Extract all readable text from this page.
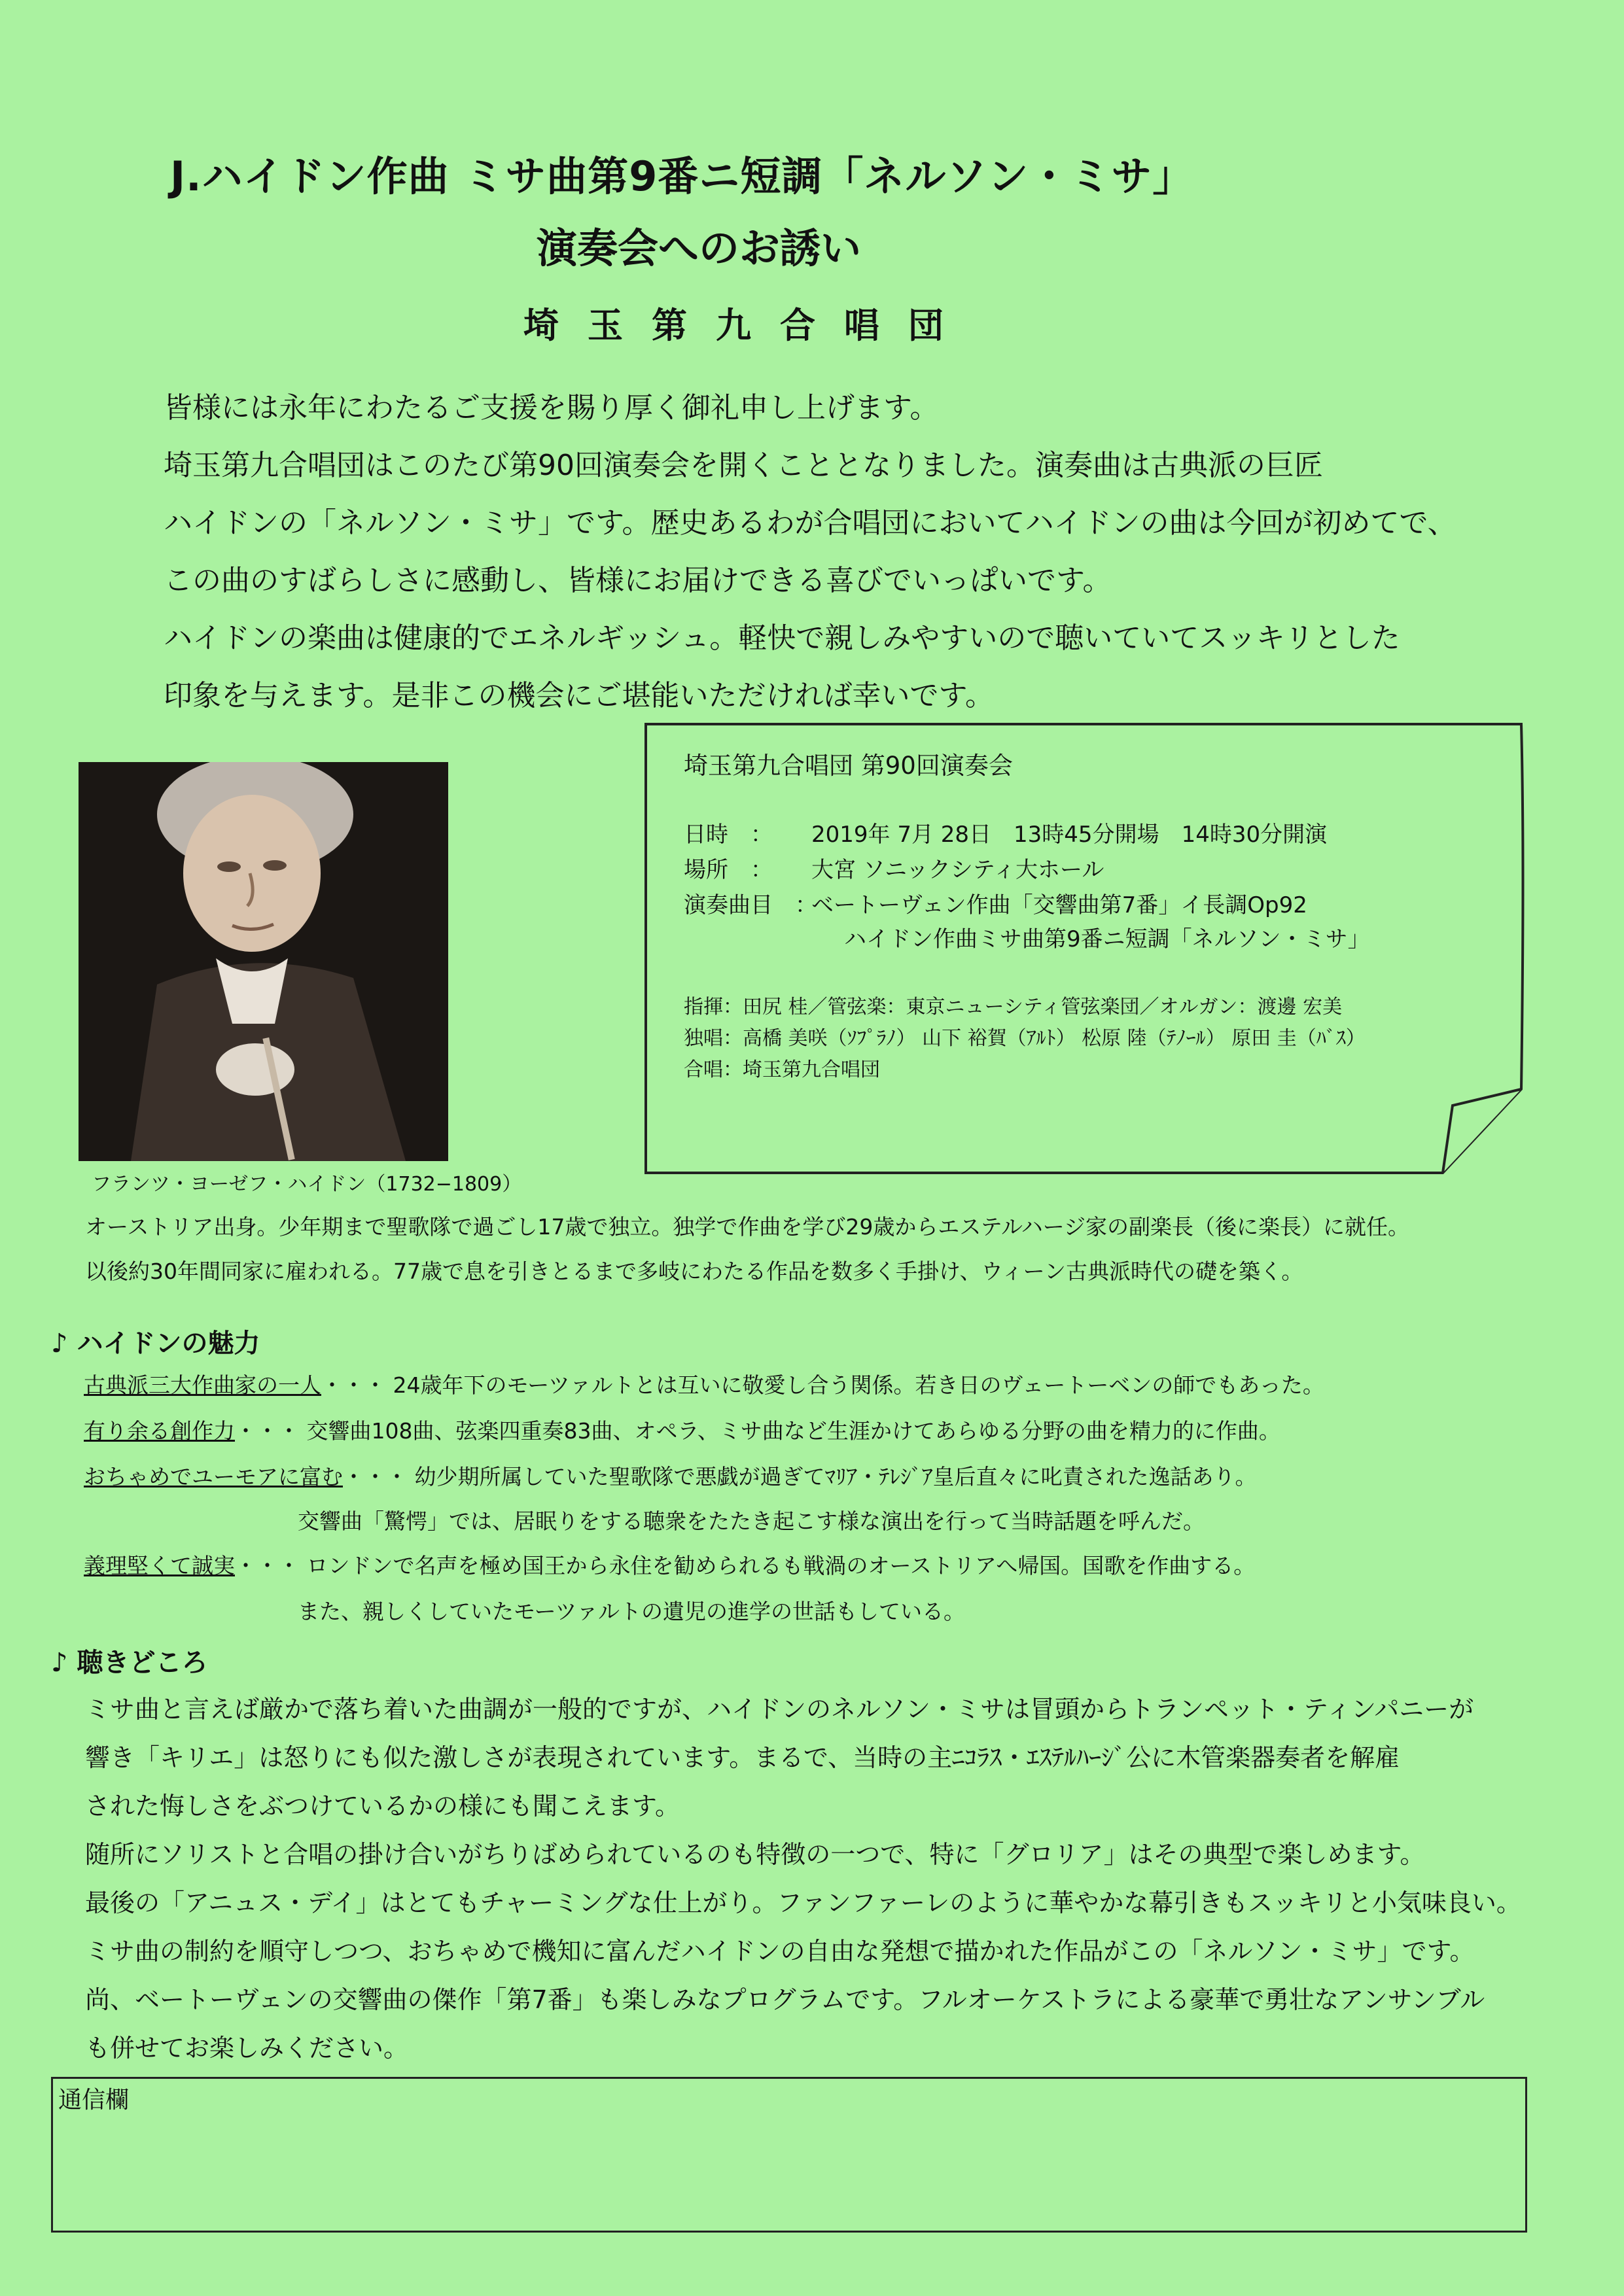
J.ハイドン作曲 ミサ曲第9番ニ短調「ネルソン・ミサ」
演奏会へのお誘い
埼玉第九合唱団
皆様には永年にわたるご支援を賜り厚く御礼申し上げます。
埼玉第九合唱団はこのたび第90回演奏会を開くこととなりました。演奏曲は古典派の巨匠
ハイドンの「ネルソン・ミサ」です。歴史あるわが合唱団においてハイドンの曲は今回が初めてで、
この曲のすばらしさに感動し、皆様にお届けできる喜びでいっぱいです。
ハイドンの楽曲は健康的でエネルギッシュ。軽快で親しみやすいので聴いていてスッキリとした
印象を与えます。是非この機会にご堪能いただければ幸いです。
フランツ・ヨーゼフ・ハイドン（1732−1809）
埼玉第九合唱団 第90回演奏会
日時　： 2019年 7月 28日　13時45分開場　14時30分開演
場所　： 大宮 ソニックシティ大ホール
演奏曲目　：ベートーヴェン作曲「交響曲第7番」イ長調Op92
ハイドン作曲ミサ曲第9番ニ短調「ネルソン・ミサ」
指揮：田尻 桂／管弦楽：東京ニューシティ管弦楽団／オルガン：渡邊 宏美
独唱：高橋 美咲（ｿﾌﾟﾗﾉ） 山下 裕賀（ｱﾙﾄ） 松原 陸（ﾃﾉｰﾙ） 原田 圭（ﾊﾞｽ）
合唱：埼玉第九合唱団
オーストリア出身。少年期まで聖歌隊で過ごし17歳で独立。独学で作曲を学び29歳からエステルハージ家の副楽長（後に楽長）に就任。
以後約30年間同家に雇われる。77歳で息を引きとるまで多岐にわたる作品を数多く手掛け、ウィーン古典派時代の礎を築く。
♪ ハイドンの魅力
古典派三大作曲家の一人・・・ 24歳年下のモーツァルトとは互いに敬愛し合う関係。若き日のヴェートーベンの師でもあった。
有り余る創作力・・・ 交響曲108曲、弦楽四重奏83曲、オペラ、ミサ曲など生涯かけてあらゆる分野の曲を精力的に作曲。
おちゃめでユーモアに富む・・・ 幼少期所属していた聖歌隊で悪戯が過ぎてﾏﾘｱ・ﾃﾚｼﾞｱ皇后直々に叱責された逸話あり。
交響曲「驚愕」では、居眠りをする聴衆をたたき起こす様な演出を行って当時話題を呼んだ。
義理堅くて誠実・・・ ロンドンで名声を極め国王から永住を勧められるも戦渦のオーストリアへ帰国。国歌を作曲する。
また、親しくしていたモーツァルトの遺児の進学の世話もしている。
♪ 聴きどころ
ミサ曲と言えば厳かで落ち着いた曲調が一般的ですが、ハイドンのネルソン・ミサは冒頭からトランペット・ティンパニーが
響き「キリエ」は怒りにも似た激しさが表現されています。まるで、当時の主ﾆｺﾗｽ・ｴｽﾃﾙﾊｰｼﾞ公に木管楽器奏者を解雇
された悔しさをぶつけているかの様にも聞こえます。
随所にソリストと合唱の掛け合いがちりばめられているのも特徴の一つで、特に「グロリア」はその典型で楽しめます。
最後の「アニュス・デイ」はとてもチャーミングな仕上がり。ファンファーレのように華やかな幕引きもスッキリと小気味良い。
ミサ曲の制約を順守しつつ、おちゃめで機知に富んだハイドンの自由な発想で描かれた作品がこの「ネルソン・ミサ」です。
尚、ベートーヴェンの交響曲の傑作「第7番」も楽しみなプログラムです。フルオーケストラによる豪華で勇壮なアンサンブル
も併せてお楽しみください。
通信欄
